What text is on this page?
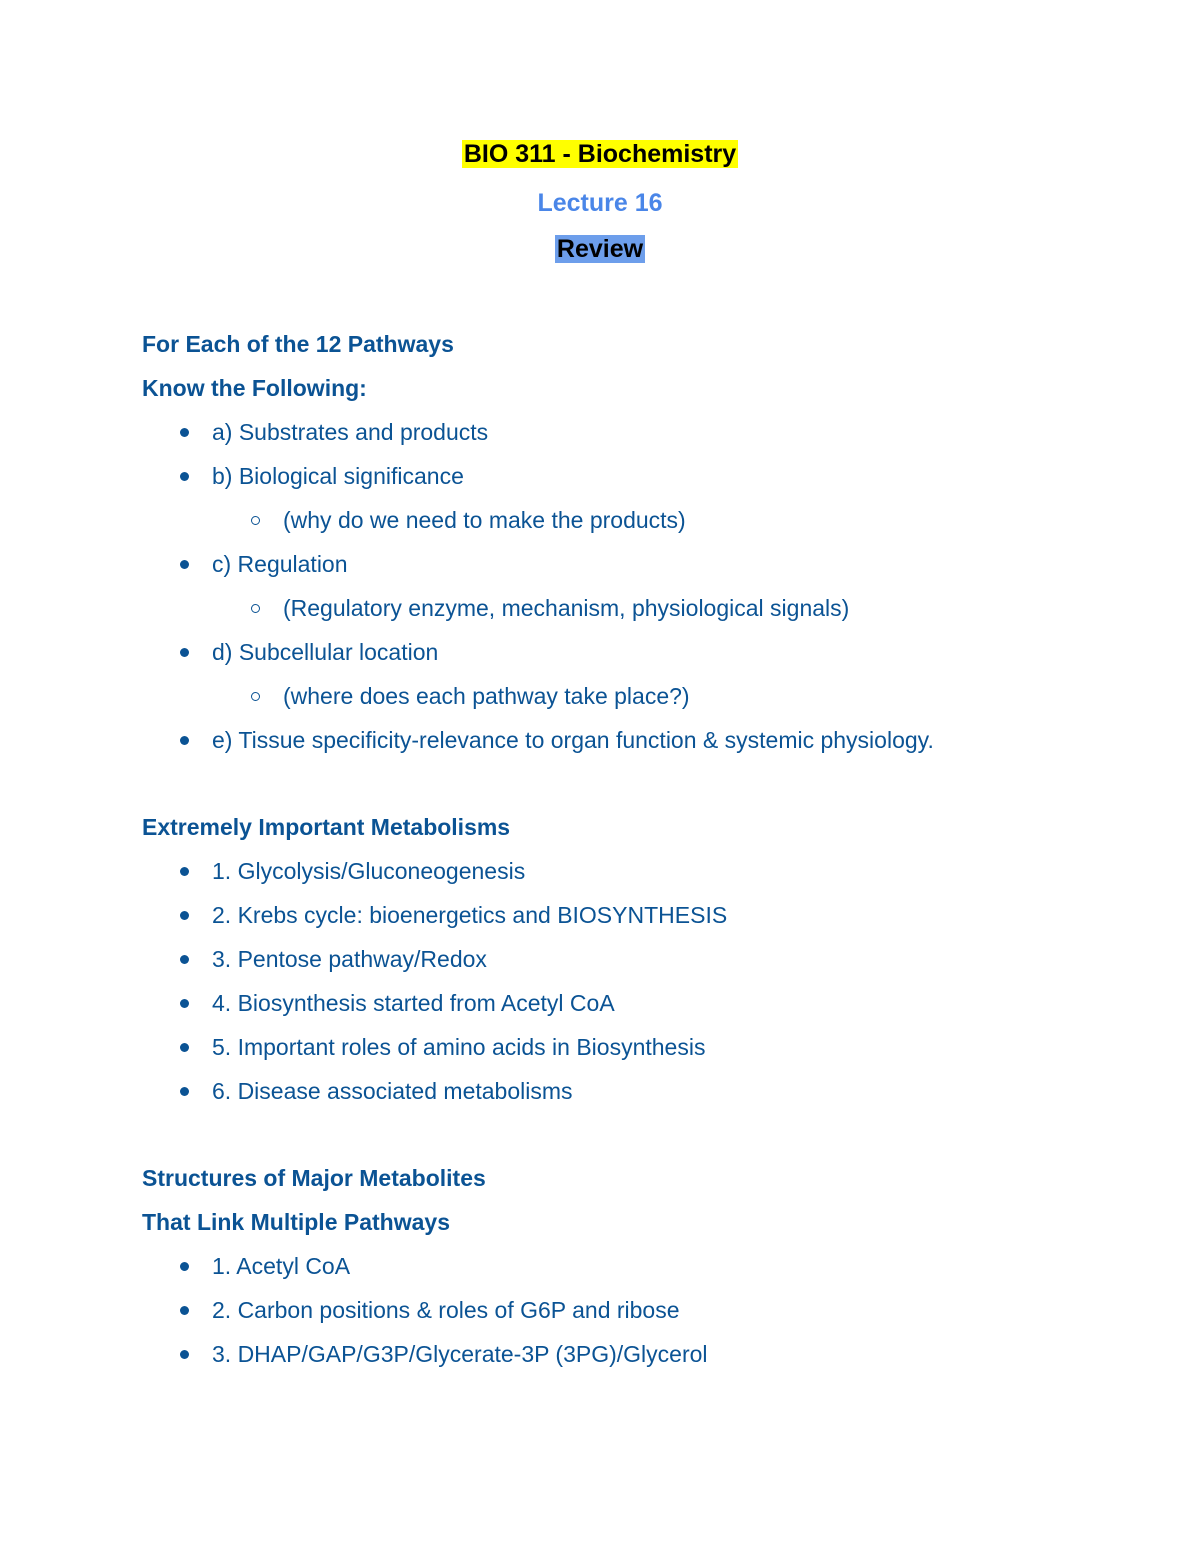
BIO 311 - Biochemistry
Lecture 16
Review
For Each of the 12 Pathways
Know the Following:
a) Substrates and products
b) Biological significance
(why do we need to make the products)
c) Regulation
(Regulatory enzyme, mechanism, physiological signals)
d) Subcellular location
(where does each pathway take place?)
e) Tissue specificity-relevance to organ function & systemic physiology.
Extremely Important Metabolisms
1. Glycolysis/Gluconeogenesis
2. Krebs cycle: bioenergetics and BIOSYNTHESIS
3. Pentose pathway/Redox
4. Biosynthesis started from Acetyl CoA
5. Important roles of amino acids in Biosynthesis
6. Disease associated metabolisms
Structures of Major Metabolites
That Link Multiple Pathways
1. Acetyl CoA
2. Carbon positions & roles of G6P and ribose
3. DHAP/GAP/G3P/Glycerate-3P (3PG)/Glycerol
